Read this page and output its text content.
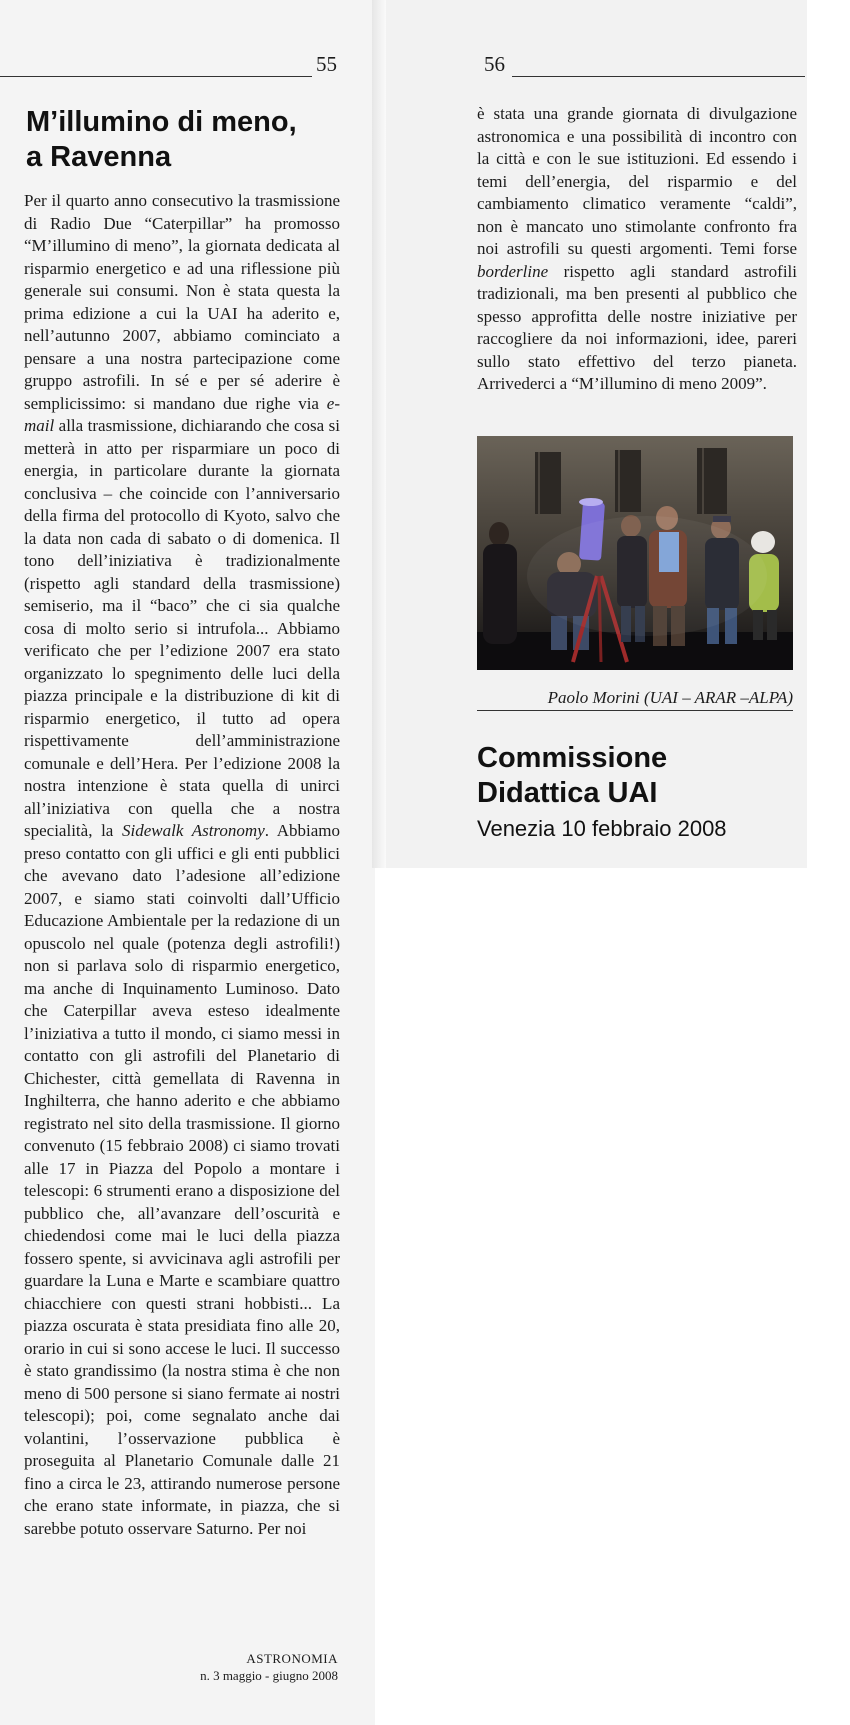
55	56

M’illumino di meno,
a Ravenna

Per il quarto anno consecutivo la trasmissione di Radio Due “Caterpillar” ha promosso “M’illumino di meno”, la giornata dedicata al risparmio energetico e ad una riflessione più generale sui consumi. Non è stata questa la prima edizione a cui la UAI ha aderito e, nell’autunno 2007, abbiamo cominciato a pensare a una nostra partecipazione come gruppo astrofili. In sé e per sé aderire è semplicissimo: si mandano due righe via e-mail alla trasmissione, dichiarando che cosa si metterà in atto per risparmiare un poco di energia, in particolare durante la giornata conclusiva – che coincide con l’anniversario della firma del protocollo di Kyoto, salvo che la data non cada di sabato o di domenica. Il tono dell’iniziativa è tradizionalmente (rispetto agli standard della trasmissione) semiserio, ma il “baco” che ci sia qualche cosa di molto serio si intrufola... Abbiamo verificato che per l’edizione 2007 era stato organizzato lo spegnimento delle luci della piazza principale e la distribuzione di kit di risparmio energetico, il tutto ad opera rispettivamente dell’amministrazione comunale e dell’Hera. Per l’edizione 2008 la nostra intenzione è stata quella di unirci all’iniziativa con quella che a nostra specialità, la Sidewalk Astronomy. Abbiamo preso contatto con gli uffici e gli enti pubblici che avevano dato l’adesione all’edizione 2007, e siamo stati coinvolti dall’Ufficio Educazione Ambientale per la redazione di un opuscolo nel quale (potenza degli astrofili!) non si parlava solo di risparmio energetico, ma anche di Inquinamento Luminoso. Dato che Caterpillar aveva esteso idealmente l’iniziativa a tutto il mondo, ci siamo messi in contatto con gli astrofili del Planetario di Chichester, città gemellata di Ravenna in Inghilterra, che hanno aderito e che abbiamo registrato nel sito della trasmissione. Il giorno convenuto (15 febbraio 2008) ci siamo trovati alle 17 in Piazza del Popolo a montare i telescopi: 6 strumenti erano a disposizione del pubblico che, all’avanzare dell’oscurità e chiedendosi come mai le luci della piazza fossero spente, si avvicinava agli astrofili per guardare la Luna e Marte e scambiare quattro chiacchiere con questi strani hobbisti... La piazza oscurata è stata presidiata fino alle 20, orario in cui si sono accese le luci. Il successo è stato grandissimo (la nostra stima è che non meno di 500 persone si siano fermate ai nostri telescopi); poi, come segnalato anche dai volantini, l’osservazione pubblica è proseguita al Planetario Comunale dalle 21 fino a circa le 23, attirando numerose persone che erano state informate, in piazza, che si sarebbe potuto osservare Saturno. Per noi

è stata una grande giornata di divulgazione astronomica e una possibilità di incontro con la città e con le sue istituzioni. Ed essendo i temi dell’energia, del risparmio e del cambiamento climatico veramente “caldi”, non è mancato uno stimolante confronto fra noi astrofili su questi argomenti. Temi forse borderline rispetto agli standard astrofili tradizionali, ma ben presenti al pubblico che spesso approfitta delle nostre iniziative per raccogliere da noi informazioni, idee, pareri sullo stato effettivo del terzo pianeta. Arrivederci a “M’illumino di meno 2009”.

Paolo Morini (UAI – ARAR –ALPA)

Commissione
Didattica UAI

Venezia 10 febbraio 2008

ASTRONOMIA
n. 3 maggio - giugno 2008
